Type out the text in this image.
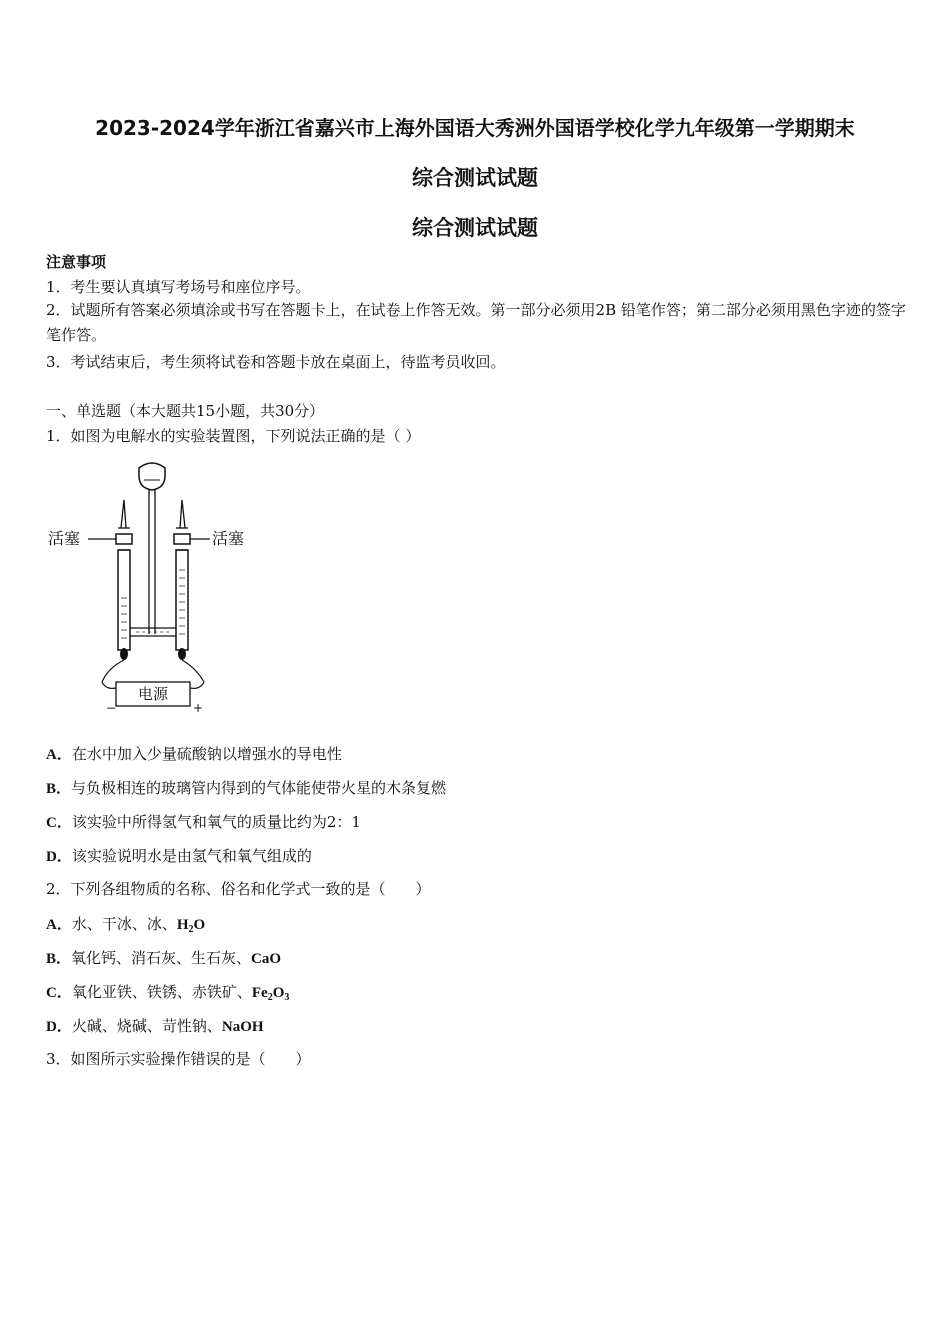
2023-2024学年浙江省嘉兴市上海外国语大秀洲外国语学校化学九年级第一学期期末
综合测试试题
综合测试试题
注意事项
1．考生要认真填写考场号和座位序号。
2．试题所有答案必须填涂或书写在答题卡上，在试卷上作答无效。第一部分必须用2B 铅笔作答；第二部分必须用黑色字迹的签字笔作答。
3．考试结束后，考生须将试卷和答题卡放在桌面上，待监考员收回。
一、单选题（本大题共15小题，共30分）
1．如图为电解水的实验装置图，下列说法正确的是（ ）
电源
−	+
活塞	活塞
A．在水中加入少量硫酸钠以增强水的导电性
B．与负极相连的玻璃管内得到的气体能使带火星的木条复燃
C．该实验中所得氢气和氧气的质量比约为2：1
D．该实验说明水是由氢气和氧气组成的
2．下列各组物质的名称、俗名和化学式一致的是（　　）
A．水、干冰、冰、$H_2O$
B．氧化钙、消石灰、生石灰、CaO
C．氧化亚铁、铁锈、赤铁矿、$Fe_2O_3$
D．火碱、烧碱、苛性钠、NaOH
3．如图所示实验操作错误的是（　　）
